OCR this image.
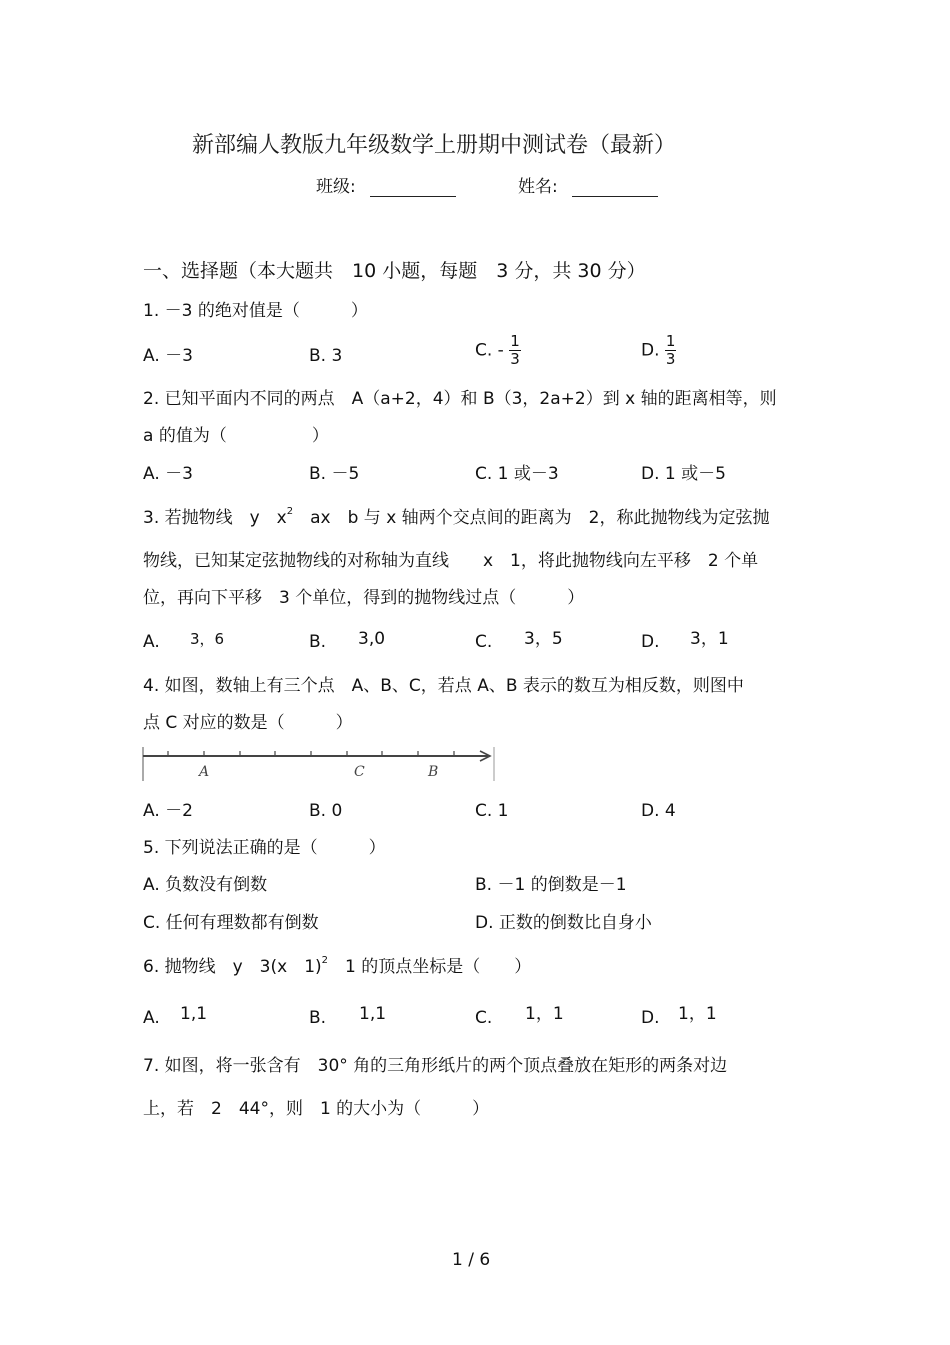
新部编人教版九年级数学上册期中测试卷（最新）
班级:	姓名:
一、选择题（本大题共　10 小题，每题　3 分，共 30 分）
1. －3 的绝对值是（　　　）
A. －3	B. 3	C. - $\frac{1}{3}$	D. $\frac{1}{3}$
2. 已知平面内不同的两点　A（a+2，4）和 B（3，2a+2）到 x 轴的距离相等，则
a 的值为（　　　　　）
A. －3	B. －5	C. 1 或－3	D. 1 或－5
3. 若抛物线　y　$x^2$　ax　b 与 x 轴两个交点间的距离为　2，称此抛物线为定弦抛
物线，已知某定弦抛物线的对称轴为直线　　x　1，将此抛物线向左平移　2 个单
位，再向下平移　3 个单位，得到的抛物线过点（　　　）
A. 3，6	B. 3,0	C. 3，5	D. 3，1
4. 如图，数轴上有三个点　A、B、C，若点 A、B 表示的数互为相反数，则图中
点 C 对应的数是（　　　）
A	C	B
A. －2	B. 0	C. 1	D. 4
5. 下列说法正确的是（　　　）
A. 负数没有倒数	B. －1 的倒数是－1
C. 任何有理数都有倒数	D. 正数的倒数比自身小
6. 抛物线　y　3(x　1)$^2$　1 的顶点坐标是（　　）
A. 1,1	B. 1,1	C. 1，1	D. 1，1
7. 如图，将一张含有　30° 角的三角形纸片的两个顶点叠放在矩形的两条对边
上，若　2　44°，则　1 的大小为（　　　）
1 / 6
